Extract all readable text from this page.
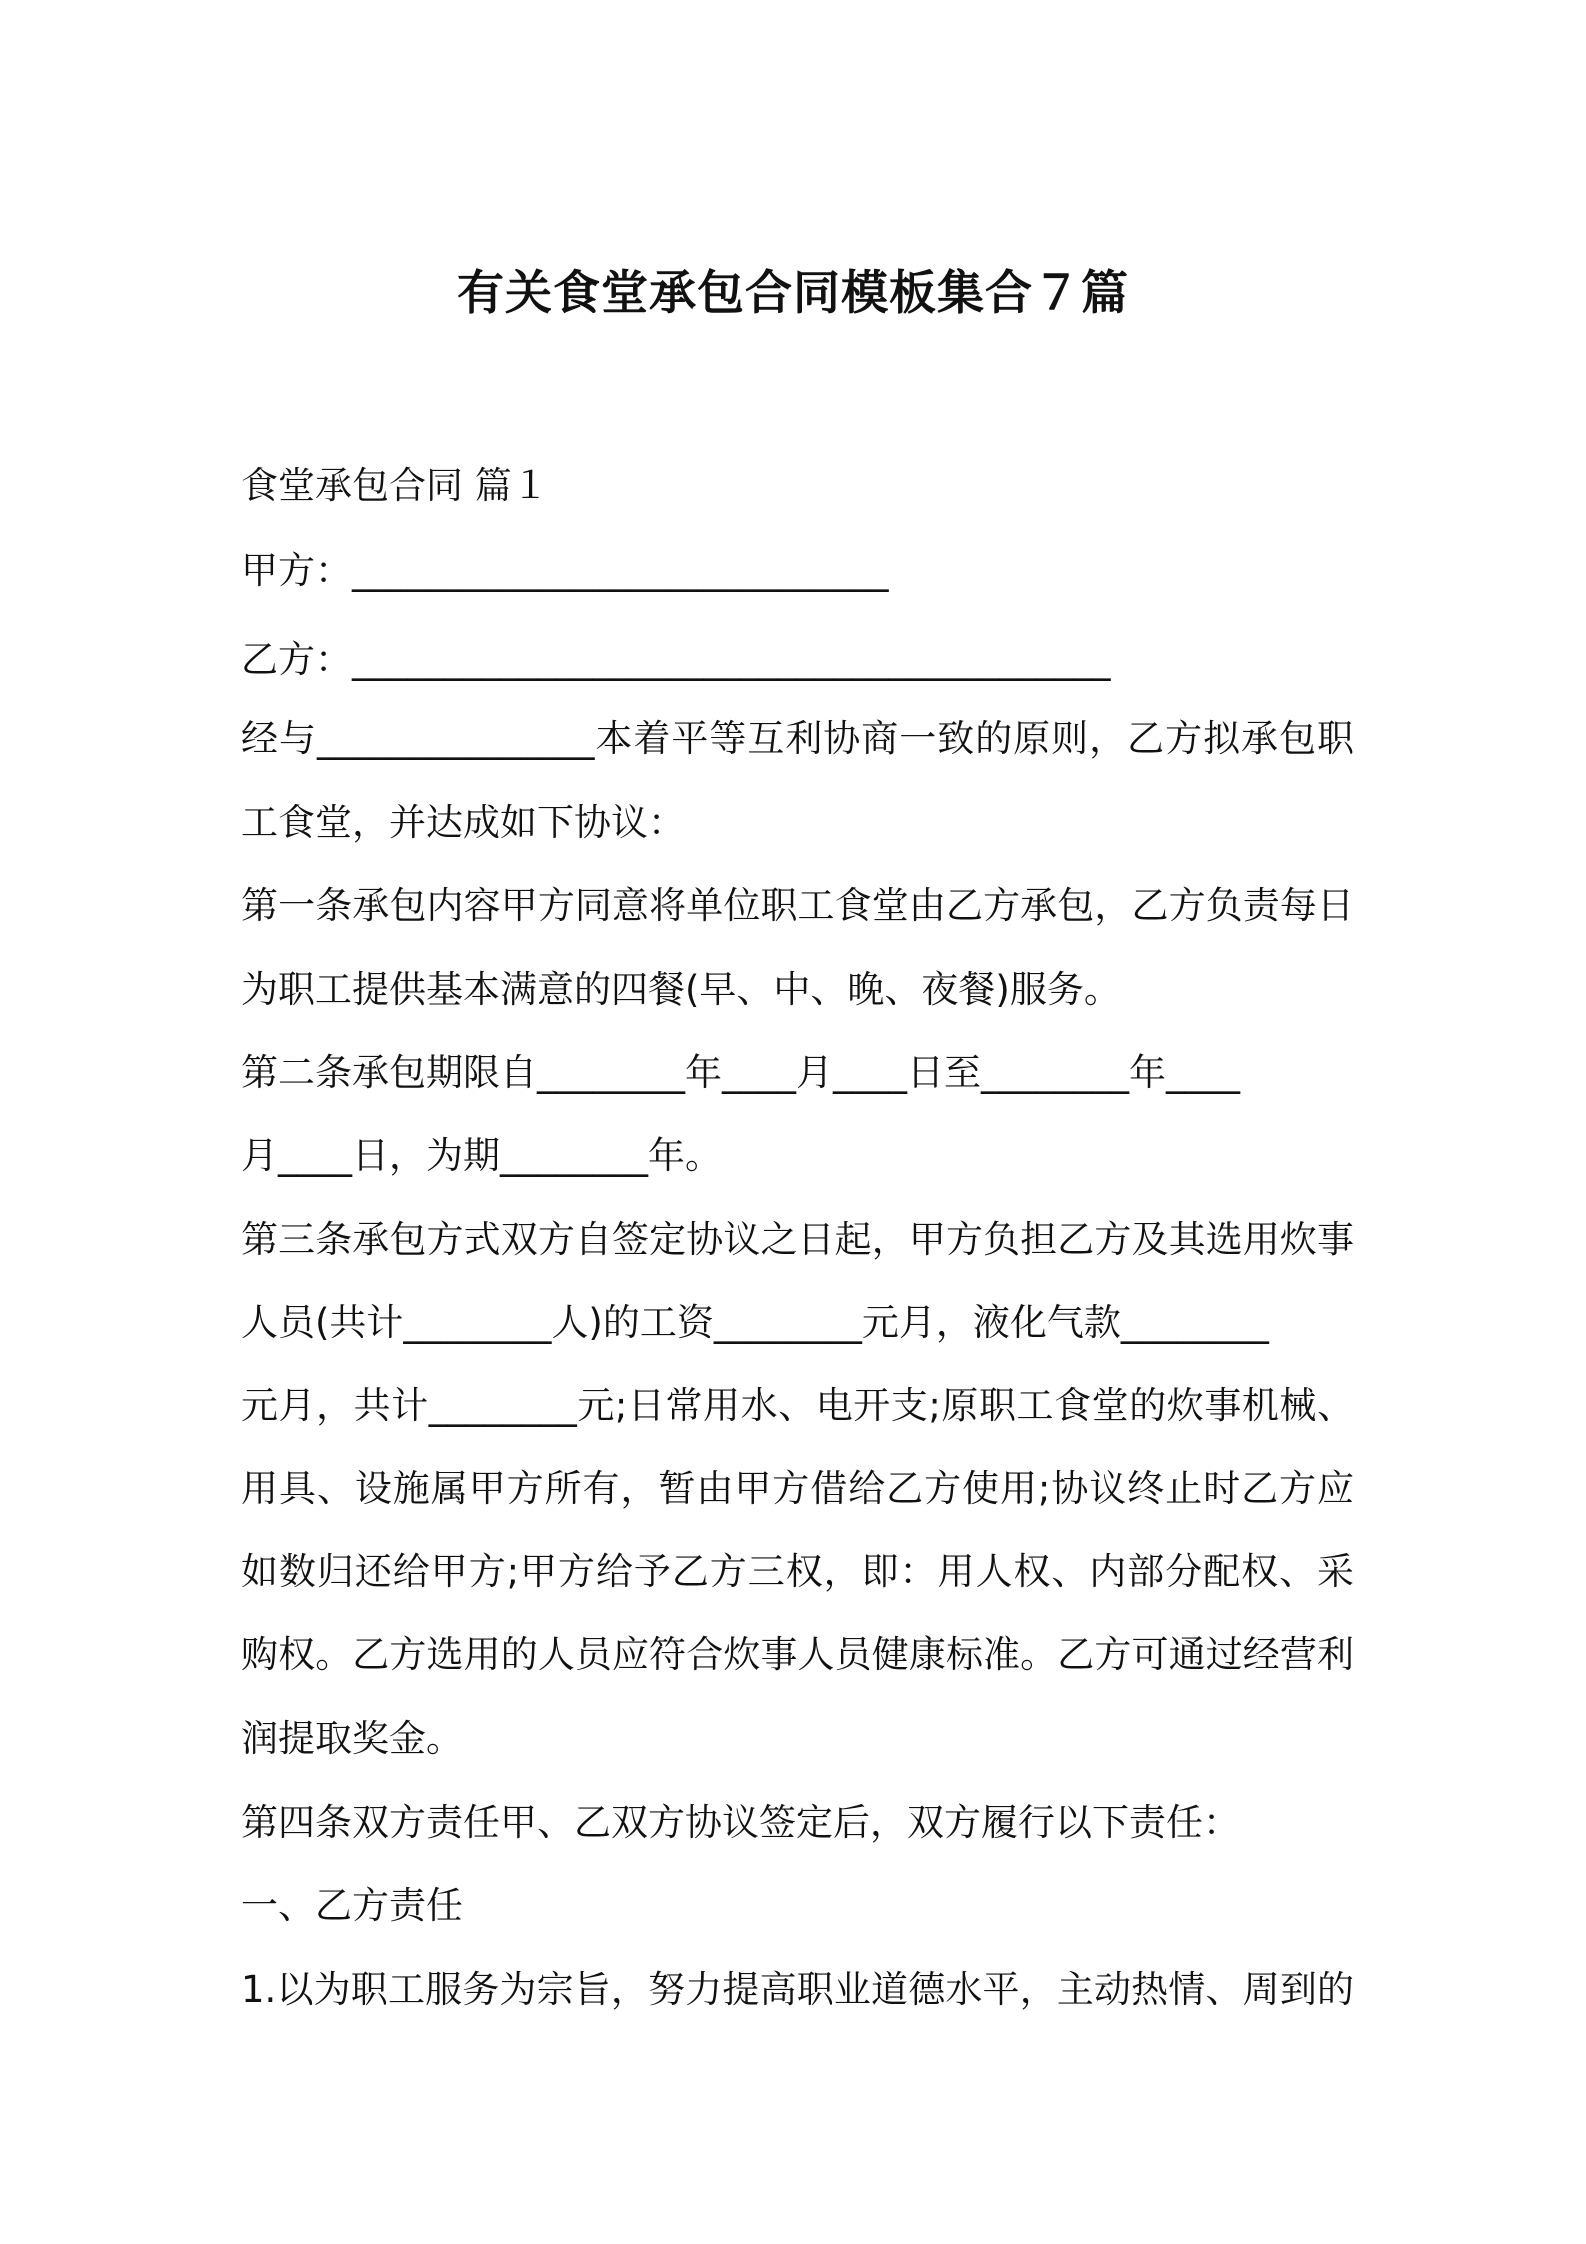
有关食堂承包合同模板集合７篇
食堂承包合同 篇１
甲方：_____________________________
乙方：_________________________________________
经与_______________本着平等互利协商一致的原则，乙方拟承包职
工食堂，并达成如下协议：
第一条承包内容甲方同意将单位职工食堂由乙方承包，乙方负责每日
为职工提供基本满意的四餐(早、中、晚、夜餐)服务。
第二条承包期限自________年____月____日至________年____
月____日，为期________年。
第三条承包方式双方自签定协议之日起，甲方负担乙方及其选用炊事
人员(共计________人)的工资________元月，液化气款________
元月，共计________元;日常用水、电开支;原职工食堂的炊事机械、
用具、设施属甲方所有，暂由甲方借给乙方使用;协议终止时乙方应
如数归还给甲方;甲方给予乙方三权，即：用人权、内部分配权、采
购权。乙方选用的人员应符合炊事人员健康标准。乙方可通过经营利
润提取奖金。
第四条双方责任甲、乙双方协议签定后，双方履行以下责任：
一、乙方责任
1.以为职工服务为宗旨，努力提高职业道德水平，主动热情、周到的
